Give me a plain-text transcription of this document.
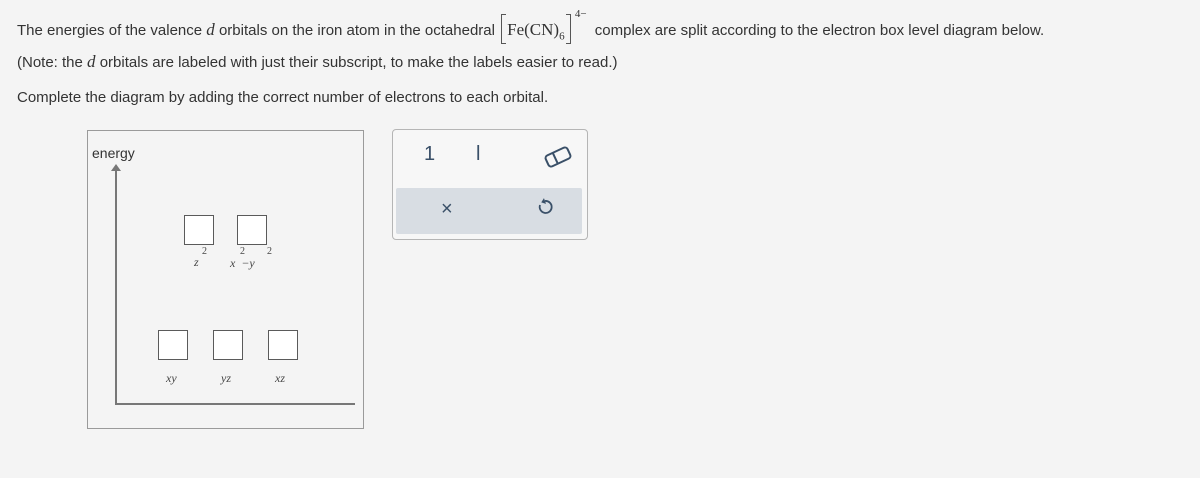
The energies of the valence d orbitals on the iron atom in the octahedral $Fe(CN)_6$
4−
complex are split according to the electron box level diagram below.
(Note: the d orbitals are labeled with just their subscript, to make the labels easier to read.)
Complete the diagram by adding the correct number of electrons to each orbital.
energy
2
z
2 2
x  −y
xy	yz	xz
1 l
×
